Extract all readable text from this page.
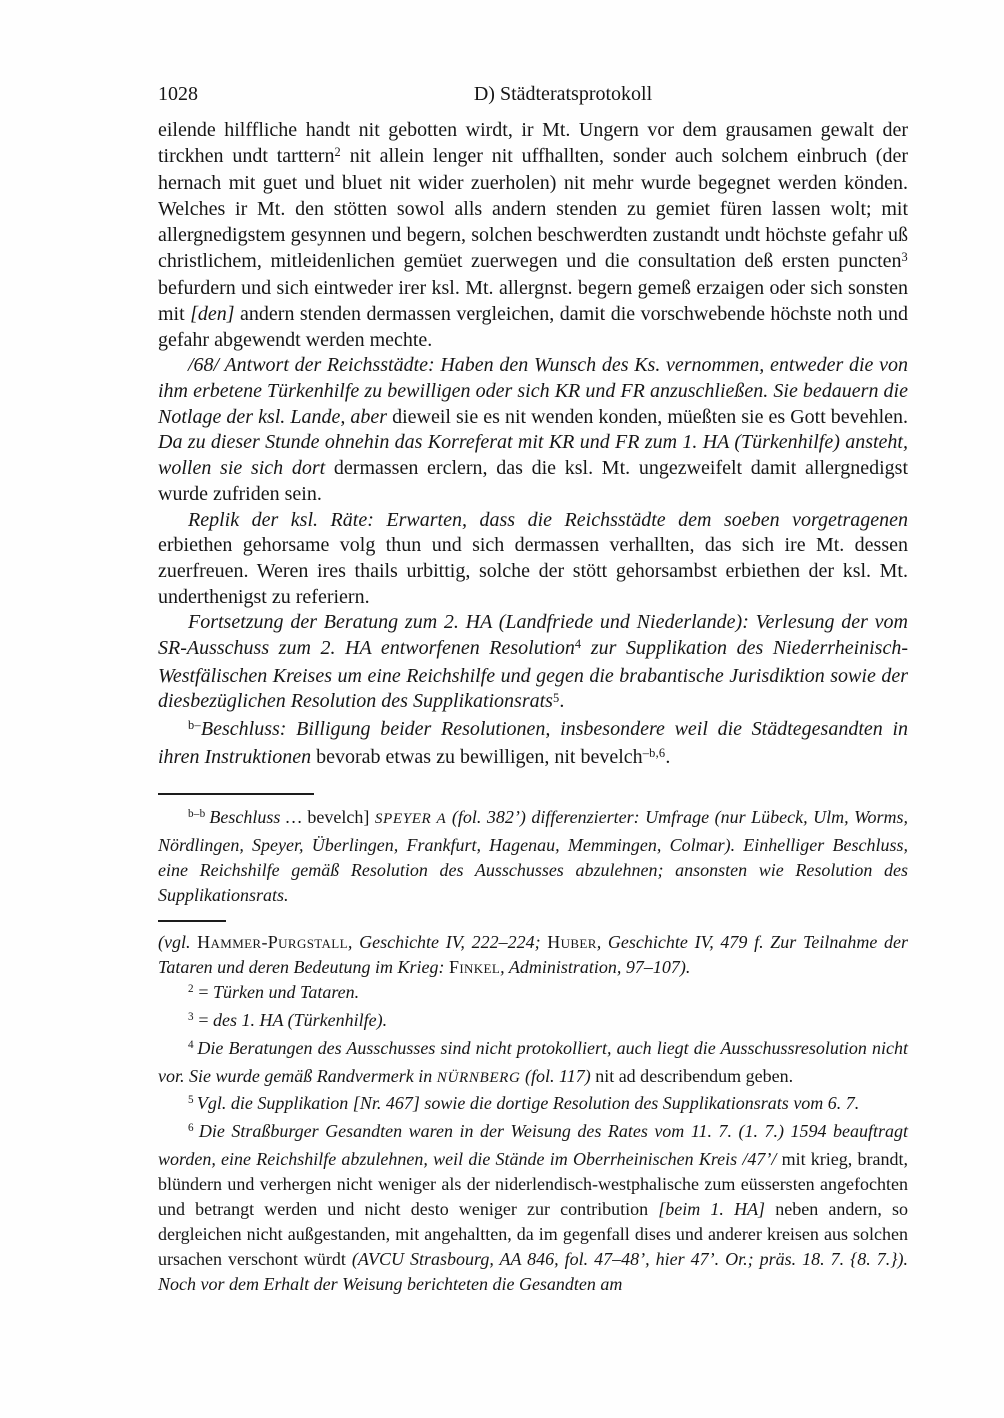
1028	D) Städteratsprotokoll

eilende hilffliche handt nit gebotten wirdt, ir Mt. Ungern vor dem grausamen gewalt der tirckhen undt tarttern$^2$ nit allein lenger nit uffhallten, sonder auch solchem einbruch (der hernach mit guet und bluet nit wider zuerholen) nit mehr wurde begegnet werden könden. Welches ir Mt. den stötten sowol alls andern stenden zu gemiet füren lassen wolt; mit allergnedigstem gesynnen und begern, solchen beschwerdten zustandt undt höchste gefahr uß christlichem, mitleidenlichen gemüet zuerwegen und die consultation deß ersten puncten$^3$ befurdern und sich eintweder irer ksl. Mt. allergnst. begern gemeß erzaigen oder sich sonsten mit [den] andern stenden dermassen vergleichen, damit die vorschwebende höchste noth und gefahr abgewendt werden mechte.

/68/ Antwort der Reichsstädte: Haben den Wunsch des Ks. vernommen, entweder die von ihm erbetene Türkenhilfe zu bewilligen oder sich KR und FR anzuschließen. Sie bedauern die Notlage der ksl. Lande, aber dieweil sie es nit wenden konden, müeßten sie es Gott bevehlen. Da zu dieser Stunde ohnehin das Korreferat mit KR und FR zum 1. HA (Türkenhilfe) ansteht, wollen sie sich dort dermassen erclern, das die ksl. Mt. ungezweifelt damit allergnedigst wurde zufriden sein.

Replik der ksl. Räte: Erwarten, dass die Reichsstädte dem soeben vorgetragenen erbiethen gehorsame volg thun und sich dermassen verhallten, das sich ire Mt. dessen zuerfreuen. Weren ires thails urbittig, solche der stött gehorsambst erbiethen der ksl. Mt. underthenigst zu referiern.

Fortsetzung der Beratung zum 2. HA (Landfriede und Niederlande): Verlesung der vom SR-Ausschuss zum 2. HA entworfenen Resolution$^4$ zur Supplikation des Niederrheinisch-Westfälischen Kreises um eine Reichshilfe und gegen die brabantische Jurisdiktion sowie der diesbezüglichen Resolution des Supplikationsrats$^5$.

$^{b-}$Beschluss: Billigung beider Resolutionen, insbesondere weil die Städtegesandten in ihren Instruktionen bevorab etwas zu bewilligen, nit bevelch$^{-b,6}$.

$^{b-b}$ Beschluss … bevelch] SPEYER A (fol. 382’) differenzierter: Umfrage (nur Lübeck, Ulm, Worms, Nördlingen, Speyer, Überlingen, Frankfurt, Hagenau, Memmingen, Colmar). Einhelliger Beschluss, eine Reichshilfe gemäß Resolution des Ausschusses abzulehnen; ansonsten wie Resolution des Supplikationsrats.

(vgl. Hammer-Purgstall, Geschichte IV, 222–224; Huber, Geschichte IV, 479 f. Zur Teilnahme der Tataren und deren Bedeutung im Krieg: Finkel, Administration, 97–107).

$^2$ = Türken und Tataren.

$^3$ = des 1. HA (Türkenhilfe).

$^4$ Die Beratungen des Ausschusses sind nicht protokolliert, auch liegt die Ausschussresolution nicht vor. Sie wurde gemäß Randvermerk in NÜRNBERG (fol. 117) nit ad describendum geben.

$^5$ Vgl. die Supplikation [Nr. 467] sowie die dortige Resolution des Supplikationsrats vom 6. 7.

$^6$ Die Straßburger Gesandten waren in der Weisung des Rates vom 11. 7. (1. 7.) 1594 beauftragt worden, eine Reichshilfe abzulehnen, weil die Stände im Oberrheinischen Kreis /47’/ mit krieg, brandt, blündern und verhergen nicht weniger als der niderlendisch-westphalische zum eüssersten angefochten und betrangt werden und nicht desto weniger zur contribution [beim 1. HA] neben andern, so dergleichen nicht außgestanden, mit angehaltten, da im gegenfall dises und anderer kreisen aus solchen ursachen verschont würdt (AVCU Strasbourg, AA 846, fol. 47–48’, hier 47’. Or.; präs. 18. 7. {8. 7.}). Noch vor dem Erhalt der Weisung berichteten die Gesandten am
